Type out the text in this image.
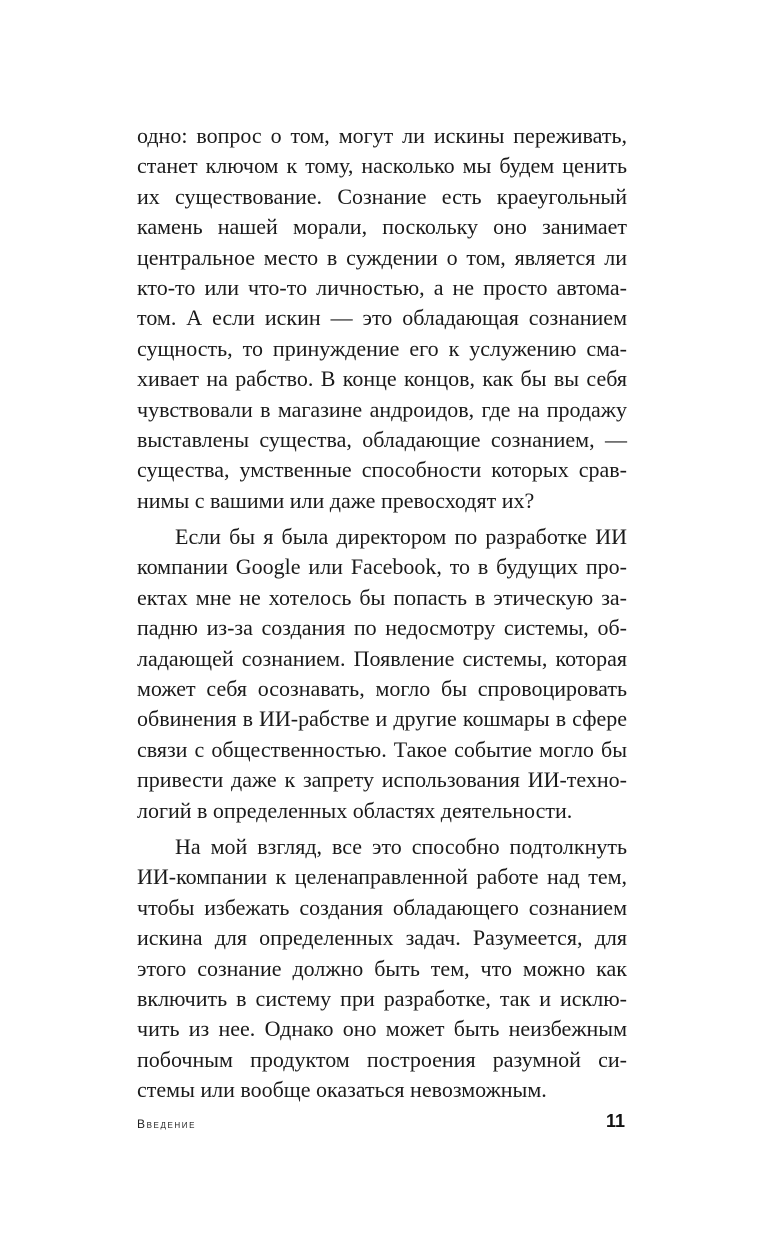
одно: вопрос о том, могут ли искины переживать,
станет ключом к тому, насколько мы будем ценить
их существование. Сознание есть краеугольный
камень нашей морали, поскольку оно занимает
центральное место в суждении о том, является ли
кто-то или что-то личностью, а не просто автома-
том. А если искин — это обладающая сознанием
сущность, то принуждение его к услужению сма-
хивает на рабство. В конце концов, как бы вы себя
чувствовали в магазине андроидов, где на продажу
выставлены существа, обладающие сознанием, —
существа, умственные способности которых срав-
нимы с вашими или даже превосходят их?
Если бы я была директором по разработке ИИ
компании Google или Facebook, то в будущих про-
ектах мне не хотелось бы попасть в этическую за-
падню из-за создания по недосмотру системы, об-
ладающей сознанием. Появление системы, которая
может себя осознавать, могло бы спровоцировать
обвинения в ИИ-рабстве и другие кошмары в сфере
связи с общественностью. Такое событие могло бы
привести даже к запрету использования ИИ-техно-
логий в определенных областях деятельности.
На мой взгляд, все это способно подтолкнуть
ИИ-компании к целенаправленной работе над тем,
чтобы избежать создания обладающего сознанием
искина для определенных задач. Разумеется, для
этого сознание должно быть тем, что можно как
включить в систему при разработке, так и исклю-
чить из нее. Однако оно может быть неизбежным
побочным продуктом построения разумной си-
стемы или вообще оказаться невозможным.
Введение	11
